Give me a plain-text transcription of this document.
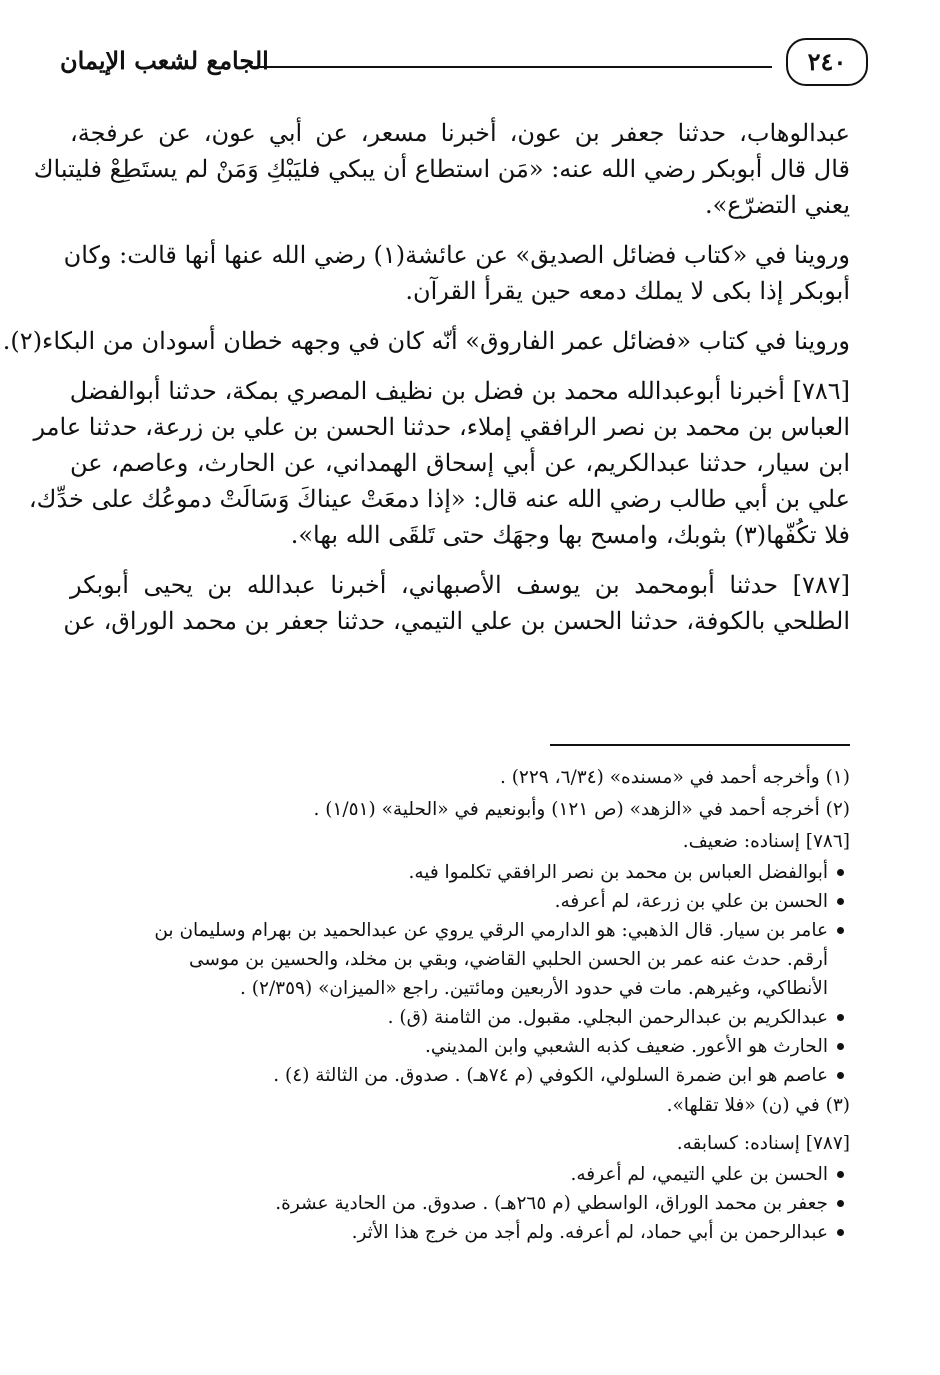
٢٤٠
الجامع لشعب الإيمان
عبدالوهاب، حدثنا جعفر بن عون، أخبرنا مسعر، عن أبي عون، عن عرفجة،
قال قال أبوبكر رضي الله عنه: «مَن استطاع أن يبكي فليَبْكِ وَمَنْ لم يستَطِعْ فليتباك
يعني التضرّع».
وروينا في «كتاب فضائل الصديق» عن عائشة(١) رضي الله عنها أنها قالت: وكان
أبوبكر إذا بكى لا يملك دمعه حين يقرأ القرآن.
وروينا في كتاب «فضائل عمر الفاروق» أنّه كان في وجهه خطان أسودان من البكاء(٢).
[٧٨٦] أخبرنا أبوعبدالله محمد بن فضل بن نظيف المصري بمكة، حدثنا أبوالفضل
العباس بن محمد بن نصر الرافقي إملاء، حدثنا الحسن بن علي بن زرعة، حدثنا عامر
ابن سيار، حدثنا عبدالكريم، عن أبي إسحاق الهمداني، عن الحارث، وعاصم، عن
علي بن أبي طالب رضي الله عنه قال: «إذا دمعَتْ عيناكَ وَسَالَتْ دموعُك على خدِّك،
فلا تكُفّها(٣) بثوبك، وامسح بها وجهَك حتى تَلقَى الله بها».
[٧٨٧] حدثنا أبومحمد بن يوسف الأصبهاني، أخبرنا عبدالله بن يحيى أبوبكر
الطلحي بالكوفة، حدثنا الحسن بن علي التيمي، حدثنا جعفر بن محمد الوراق، عن
(١) وأخرجه أحمد في «مسنده» (٦/٣٤، ٢٢٩) .
(٢) أخرجه أحمد في «الزهد» (ص ١٢١) وأبونعيم في «الحلية» (١/٥١) .
[٧٨٦] إسناده: ضعيف.
أبوالفضل العباس بن محمد بن نصر الرافقي تكلموا فيه.
الحسن بن علي بن زرعة، لم أعرفه.
عامر بن سيار. قال الذهبي: هو الدارمي الرقي يروي عن عبدالحميد بن بهرام وسليمان بن
أرقم. حدث عنه عمر بن الحسن الحلبي القاضي، وبقي بن مخلد، والحسين بن موسى
الأنطاكي، وغيرهم. مات في حدود الأربعين ومائتين. راجع «الميزان» (٢/٣٥٩) .
عبدالكريم بن عبدالرحمن البجلي. مقبول. من الثامنة (ق) .
الحارث هو الأعور. ضعيف كذبه الشعبي وابن المديني.
عاصم هو ابن ضمرة السلولي، الكوفي (م ٧٤هـ) . صدوق. من الثالثة (٤) .
(٣) في (ن) «فلا تقلها».
[٧٨٧] إسناده: كسابقه.
الحسن بن علي التيمي، لم أعرفه.
جعفر بن محمد الوراق، الواسطي (م ٢٦٥هـ) . صدوق. من الحادية عشرة.
عبدالرحمن بن أبي حماد، لم أعرفه. ولم أجد من خرج هذا الأثر.
